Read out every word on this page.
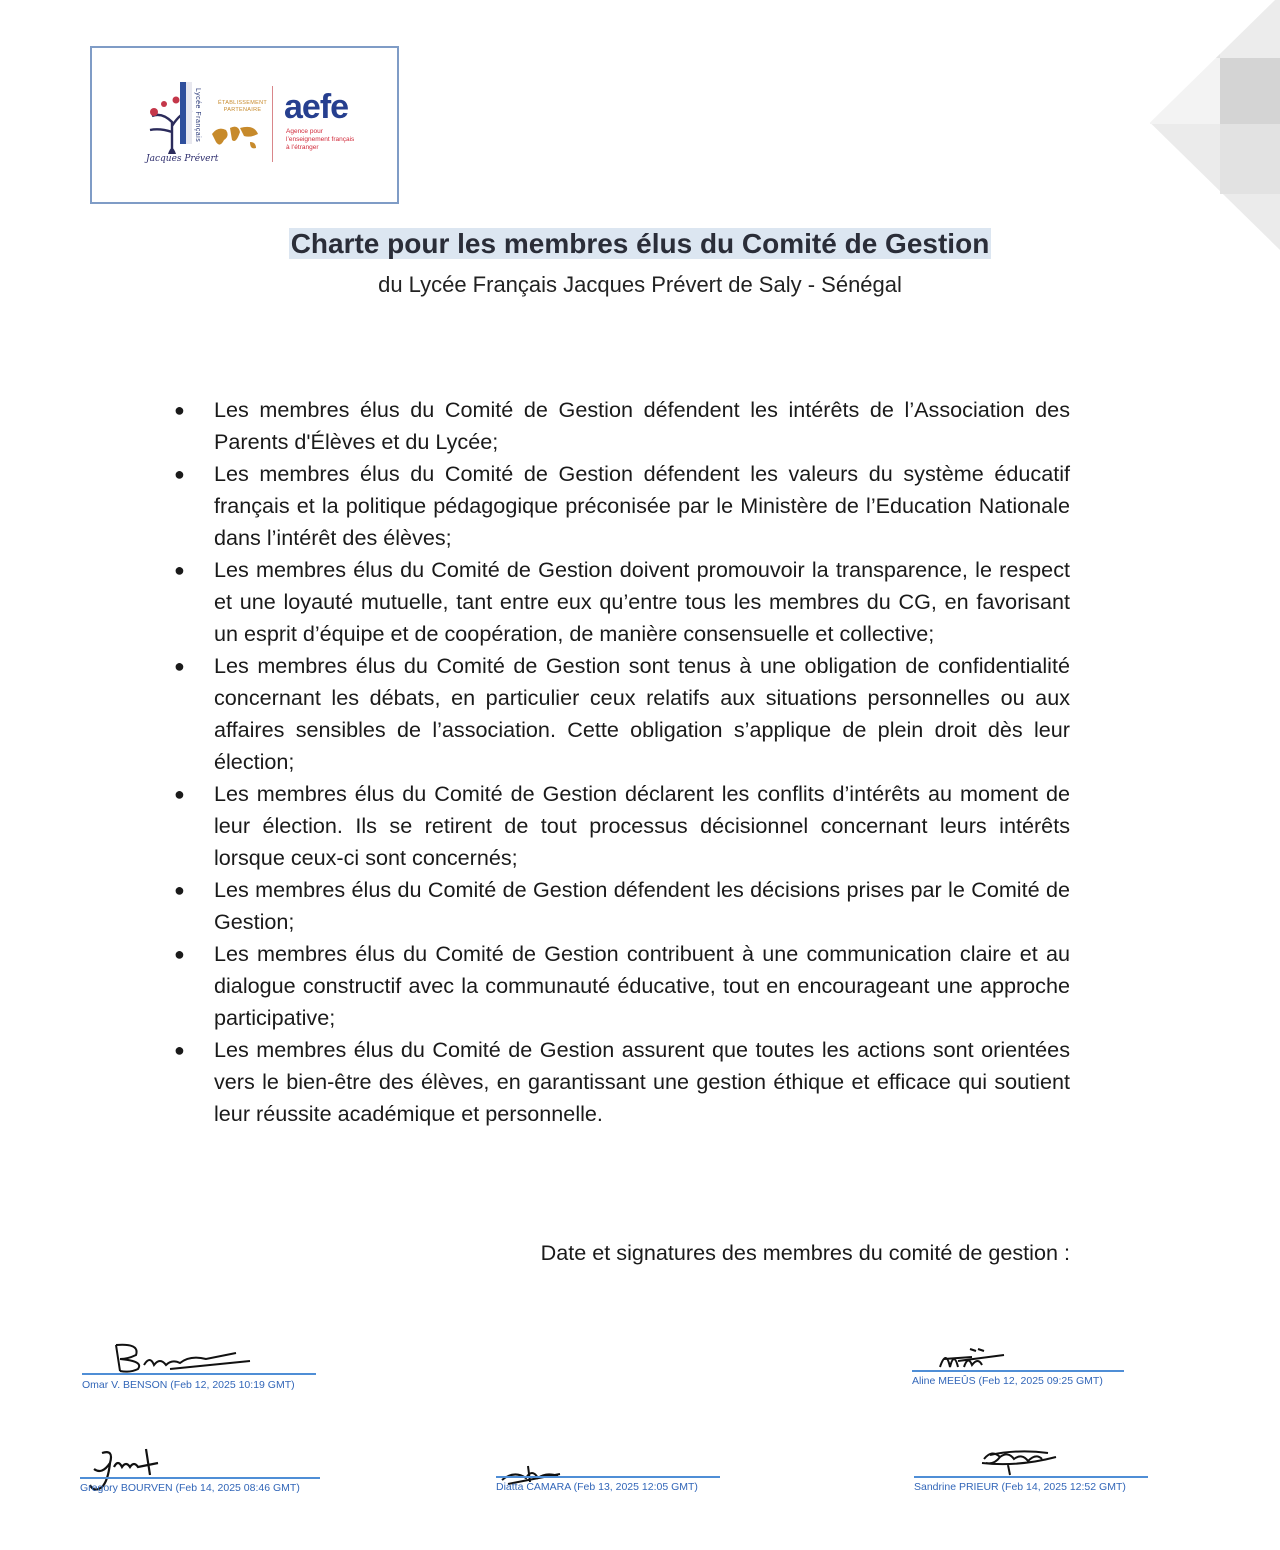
Lycée Français
Jacques Prévert
ÉTABLISSEMENT
PARTENAIRE aefe
Agence pour
l’enseignement français
à l’étranger
Charte pour les membres élus du Comité de Gestion
du Lycée Français Jacques Prévert de Saly - Sénégal
● Les membres élus du Comité de Gestion défendent les intérêts de l’Association des Parents d'Élèves et du Lycée;
● Les membres élus du Comité de Gestion défendent les valeurs du système éducatif français et la politique pédagogique préconisée par le Ministère de l’Education Nationale dans l’intérêt des élèves;
● Les membres élus du Comité de Gestion doivent promouvoir la transparence, le respect et une loyauté mutuelle, tant entre eux qu’entre tous les membres du CG, en favorisant un esprit d’équipe et de coopération, de manière consensuelle et collective;
● Les membres élus du Comité de Gestion sont tenus à une obligation de confidentialité concernant les débats, en particulier ceux relatifs aux situations personnelles ou aux affaires sensibles de l’association. Cette obligation s’applique de plein droit dès leur élection;
● Les membres élus du Comité de Gestion déclarent les conflits d’intérêts au moment de leur élection. Ils se retirent de tout processus décisionnel concernant leurs intérêts lorsque ceux-ci sont concernés;
● Les membres élus du Comité de Gestion défendent les décisions prises par le Comité de Gestion;
● Les membres élus du Comité de Gestion contribuent à une communication claire et au dialogue constructif avec la communauté éducative, tout en encourageant une approche participative;
● Les membres élus du Comité de Gestion assurent que toutes les actions sont orientées vers le bien-être des élèves, en garantissant une gestion éthique et efficace qui soutient leur réussite académique et personnelle.
Date et signatures des membres du comité de gestion :
Omar V. BENSON (Feb 12, 2025 10:19 GMT)	Aline MEEÛS (Feb 12, 2025 09:25 GMT)
Gregory BOURVEN (Feb 14, 2025 08:46 GMT)	Diatta CAMARA (Feb 13, 2025 12:05 GMT)	Sandrine PRIEUR (Feb 14, 2025 12:52 GMT)
